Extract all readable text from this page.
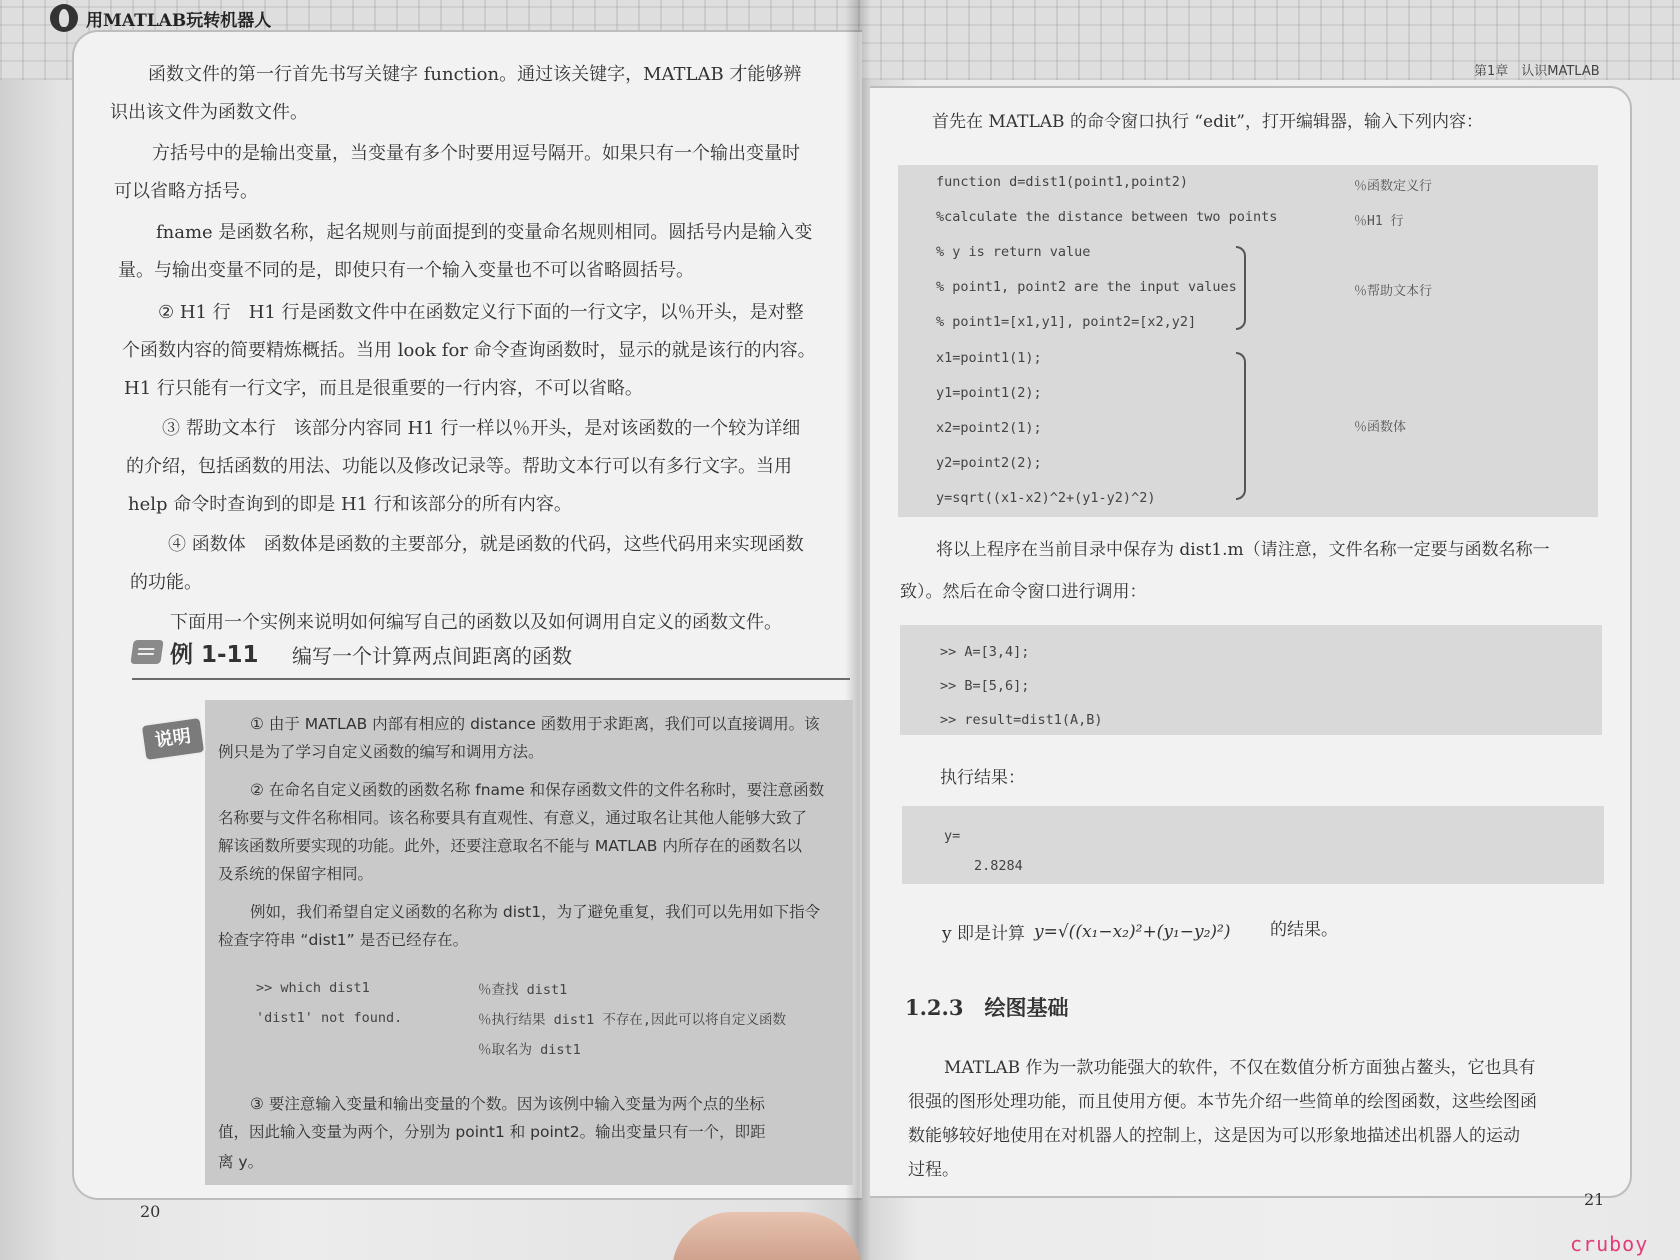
用MATLAB玩转机器人
第1章　认识MATLAB
函数文件的第一行首先书写关键字 function。通过该关键字，MATLAB 才能够辨
识出该文件为函数文件。
方括号中的是输出变量，当变量有多个时要用逗号隔开。如果只有一个输出变量时
可以省略方括号。
fname 是函数名称，起名规则与前面提到的变量命名规则相同。圆括号内是输入变
量。与输出变量不同的是，即使只有一个输入变量也不可以省略圆括号。
② H1 行　H1 行是函数文件中在函数定义行下面的一行文字，以％开头，是对整
个函数内容的简要精炼概括。当用 look for 命令查询函数时，显示的就是该行的内容。
H1 行只能有一行文字，而且是很重要的一行内容，不可以省略。
③ 帮助文本行　该部分内容同 H1 行一样以％开头，是对该函数的一个较为详细
的介绍，包括函数的用法、功能以及修改记录等。帮助文本行可以有多行文字。当用
help 命令时查询到的即是 H1 行和该部分的所有内容。
④ 函数体　函数体是函数的主要部分，就是函数的代码，这些代码用来实现函数
的功能。
下面用一个实例来说明如何编写自己的函数以及如何调用自定义的函数文件。
例 1-11 编写一个计算两点间距离的函数
说明
① 由于 MATLAB 内部有相应的 distance 函数用于求距离，我们可以直接调用。该
例只是为了学习自定义函数的编写和调用方法。
② 在命名自定义函数的函数名称 fname 和保存函数文件的文件名称时，要注意函数
名称要与文件名称相同。该名称要具有直观性、有意义，通过取名让其他人能够大致了
解该函数所要实现的功能。此外，还要注意取名不能与 MATLAB 内所存在的函数名以
及系统的保留字相同。
例如，我们希望自定义函数的名称为 dist1，为了避免重复，我们可以先用如下指令
检查字符串 “dist1” 是否已经存在。
>> which dist1	％查找 dist1
'dist1' not found.	％执行结果 dist1 不存在,因此可以将自定义函数
％取名为 dist1
③ 要注意输入变量和输出变量的个数。因为该例中输入变量为两个点的坐标
值，因此输入变量为两个，分别为 point1 和 point2。输出变量只有一个，即距
离 y。
20
首先在 MATLAB 的命令窗口执行 “edit”，打开编辑器，输入下列内容：
function d=dist1(point1,point2)
%calculate the distance between two points
% y is return value
% point1, point2 are the input values
% point1=[x1,y1], point2=[x2,y2]
x1=point1(1);
y1=point1(2);
x2=point2(1);
y2=point2(2);
y=sqrt((x1-x2)^2+(y1-y2)^2)
％函数定义行
％H1 行
％帮助文本行
％函数体
将以上程序在当前目录中保存为 dist1.m（请注意，文件名称一定要与函数名称一
致）。然后在命令窗口进行调用：
>> A=[3,4];
>> B=[5,6];
>> result=dist1(A,B)
执行结果：
y=
2.8284
y 即是计算 y=√((x₁−x₂)²+(y₁−y₂)²) 的结果。
1.2.3　绘图基础
MATLAB 作为一款功能强大的软件，不仅在数值分析方面独占鳌头，它也具有
很强的图形处理功能，而且使用方便。本节先介绍一些简单的绘图函数，这些绘图函
数能够较好地使用在对机器人的控制上，这是因为可以形象地描述出机器人的运动
过程。
21
cruboy
